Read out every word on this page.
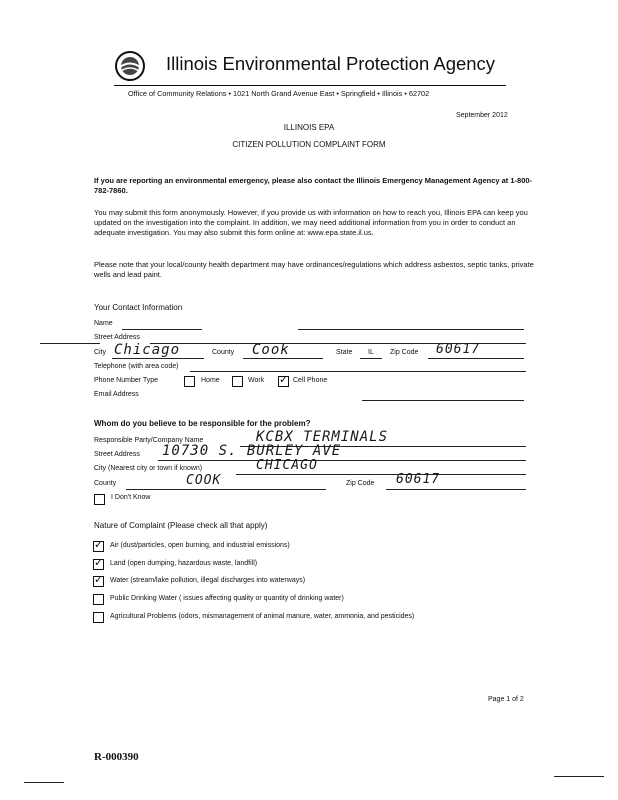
Illinois Environmental Protection Agency
Office of Community Relations • 1021 North Grand Avenue East • Springfield • Illinois • 62702
September 2012
ILLINOIS EPA
CITIZEN POLLUTION COMPLAINT FORM
If you are reporting an environmental emergency, please also contact the Illinois Emergency Management Agency at 1-800-782-7860.
You may submit this form anonymously. However, if you provide us with information on how to reach you, Illinois EPA can keep you updated on the investigation into the complaint. In addition, we may need additional information from you in order to conduct an adequate investigation. You may also submit this form online at: www.epa.state.il.us.
Please note that your local/county health department may have ordinances/regulations which address asbestos, septic tanks, private wells and lead paint.
Your Contact Information
Name
Street Address
City Chicago	County Cook	State IL Zip Code 60617
Telephone (with area code)
Phone Number Type	Home	Work ✓ Cell Phone
Email Address
Whom do you believe to be responsible for the problem?
Responsible Party/Company Name	KCBX TERMINALS
Street Address 10730 S. BURLEY AVE
City (Nearest city or town if known)	CHICAGO
County	COOK	Zip Code 60617
I Don't Know
Nature of Complaint (Please check all that apply)
✓ Air (dust/particles, open burning, and industrial emissions)
✓ Land (open dumping, hazardous waste, landfill)
✓ Water (stream/lake pollution, illegal discharges into waterways)
Public Drinking Water ( issues affecting quality or quantity of drinking water)
Agricultural Problems (odors, mismanagement of animal manure, water, ammonia, and pesticides)
Page 1 of 2
R-000390
